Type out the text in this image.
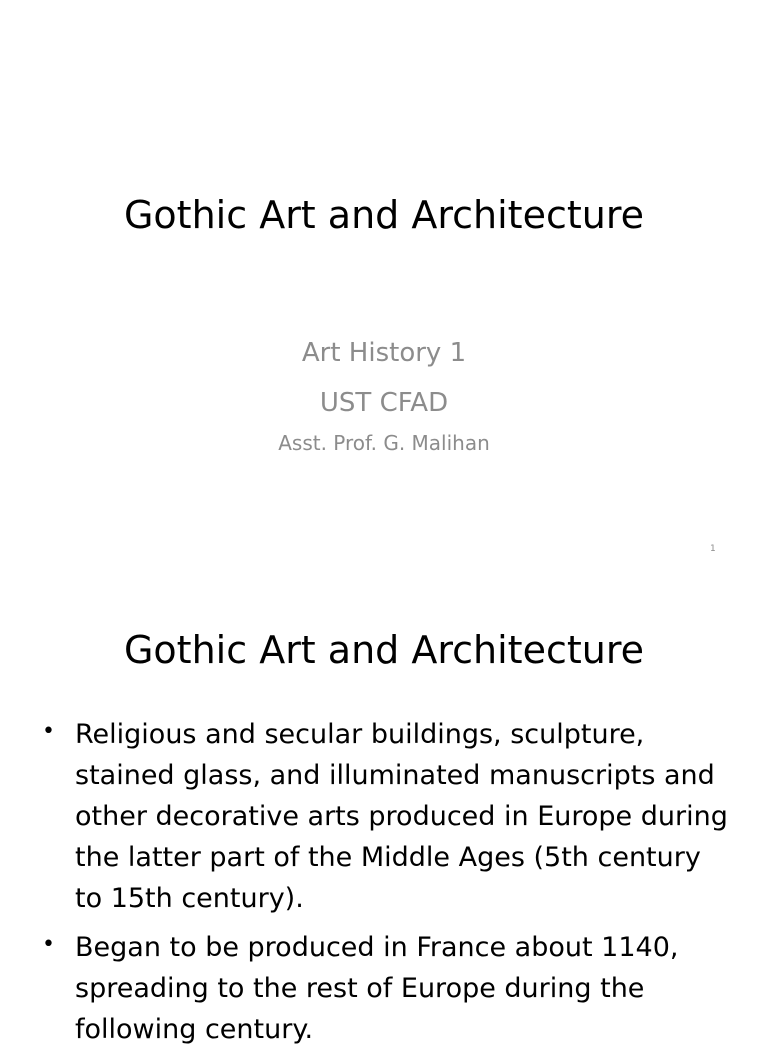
Gothic Art and Architecture

Art History 1

UST CFAD

Asst. Prof. G. Malihan

1
Gothic Art and Architecture
• Religious and secular buildings, sculpture, stained glass, and illuminated manuscripts and other decorative arts produced in Europe during the latter part of the Middle Ages (5th century to 15th century).
• Began to be produced in France about 1140, spreading to the rest of Europe during the following century.
